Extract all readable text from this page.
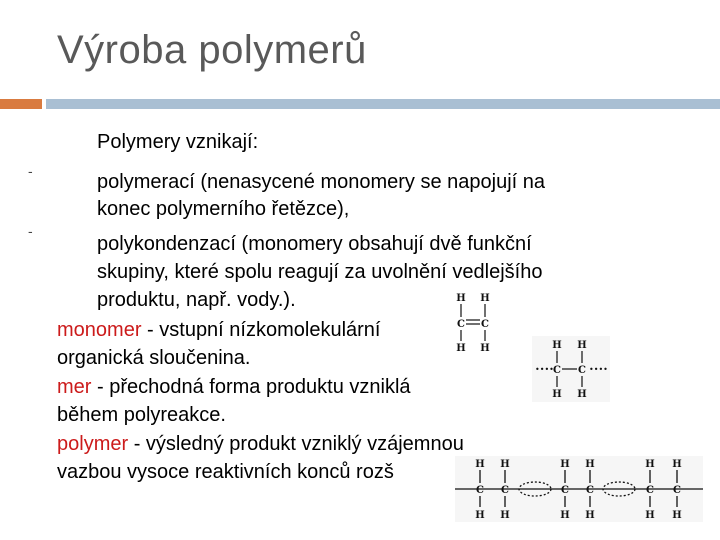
Výroba polymerů
Polymery vznikají:
-	polymerací (nenasycené monomery se napojují na
konec polymerního řetězce),
-
polykondenzací (monomery obsahují dvě funkční
skupiny, které spolu reagují za uvolnění vedlejšího
produktu, např. vody.).
monomer - vstupní nízkomolekulární
organická sloučenina.
mer - přechodná forma produktu vzniklá
během polyreakce.
polymer - výsledný produkt vzniklý vzájemnou
vazbou vysoce reaktivních konců rozš
H H
C C
H H	H H
C C
H H
••••	••••
H H
C C
H H
H H
C C
H H
H H
C C
H H
